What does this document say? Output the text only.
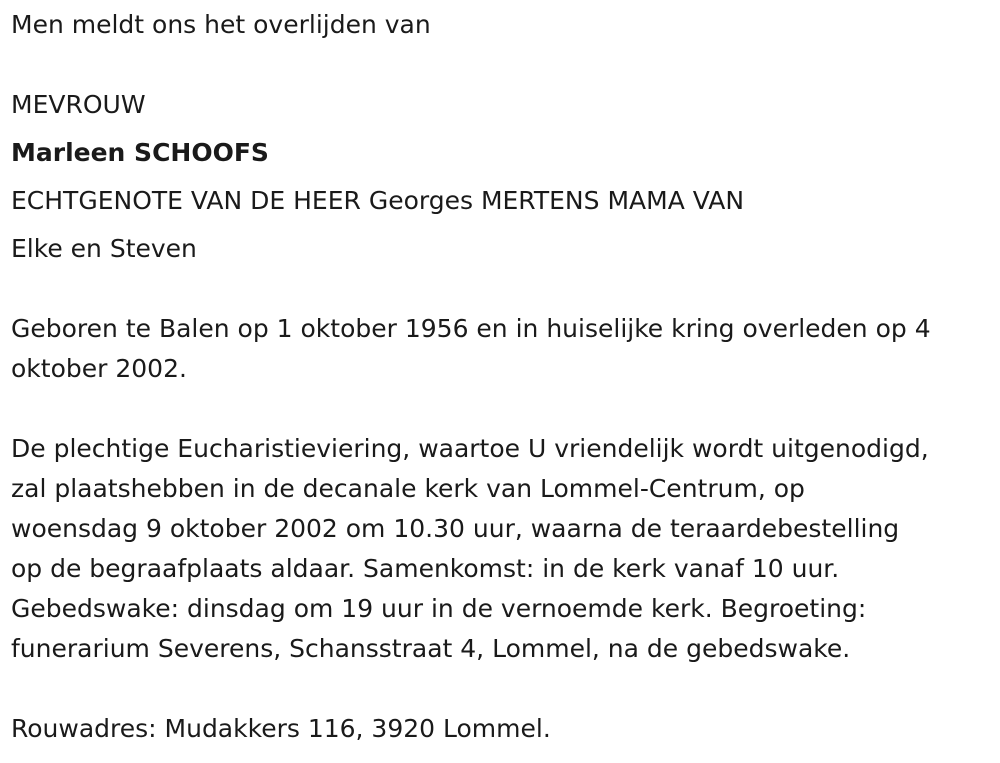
Men meldt ons het overlijden van
MEVROUW
Marleen SCHOOFS
ECHTGENOTE VAN DE HEER Georges MERTENS MAMA VAN
Elke en Steven
Geboren te Balen op 1 oktober 1956 en in huiselijke kring overleden op 4
oktober 2002.
De plechtige Eucharistieviering, waartoe U vriendelijk wordt uitgenodigd,
zal plaatshebben in de decanale kerk van Lommel-Centrum, op
woensdag 9 oktober 2002 om 10.30 uur, waarna de teraardebestelling
op de begraafplaats aldaar. Samenkomst: in de kerk vanaf 10 uur.
Gebedswake: dinsdag om 19 uur in de vernoemde kerk. Begroeting:
funerarium Severens, Schansstraat 4, Lommel, na de gebedswake.
Rouwadres: Mudakkers 116, 3920 Lommel.
